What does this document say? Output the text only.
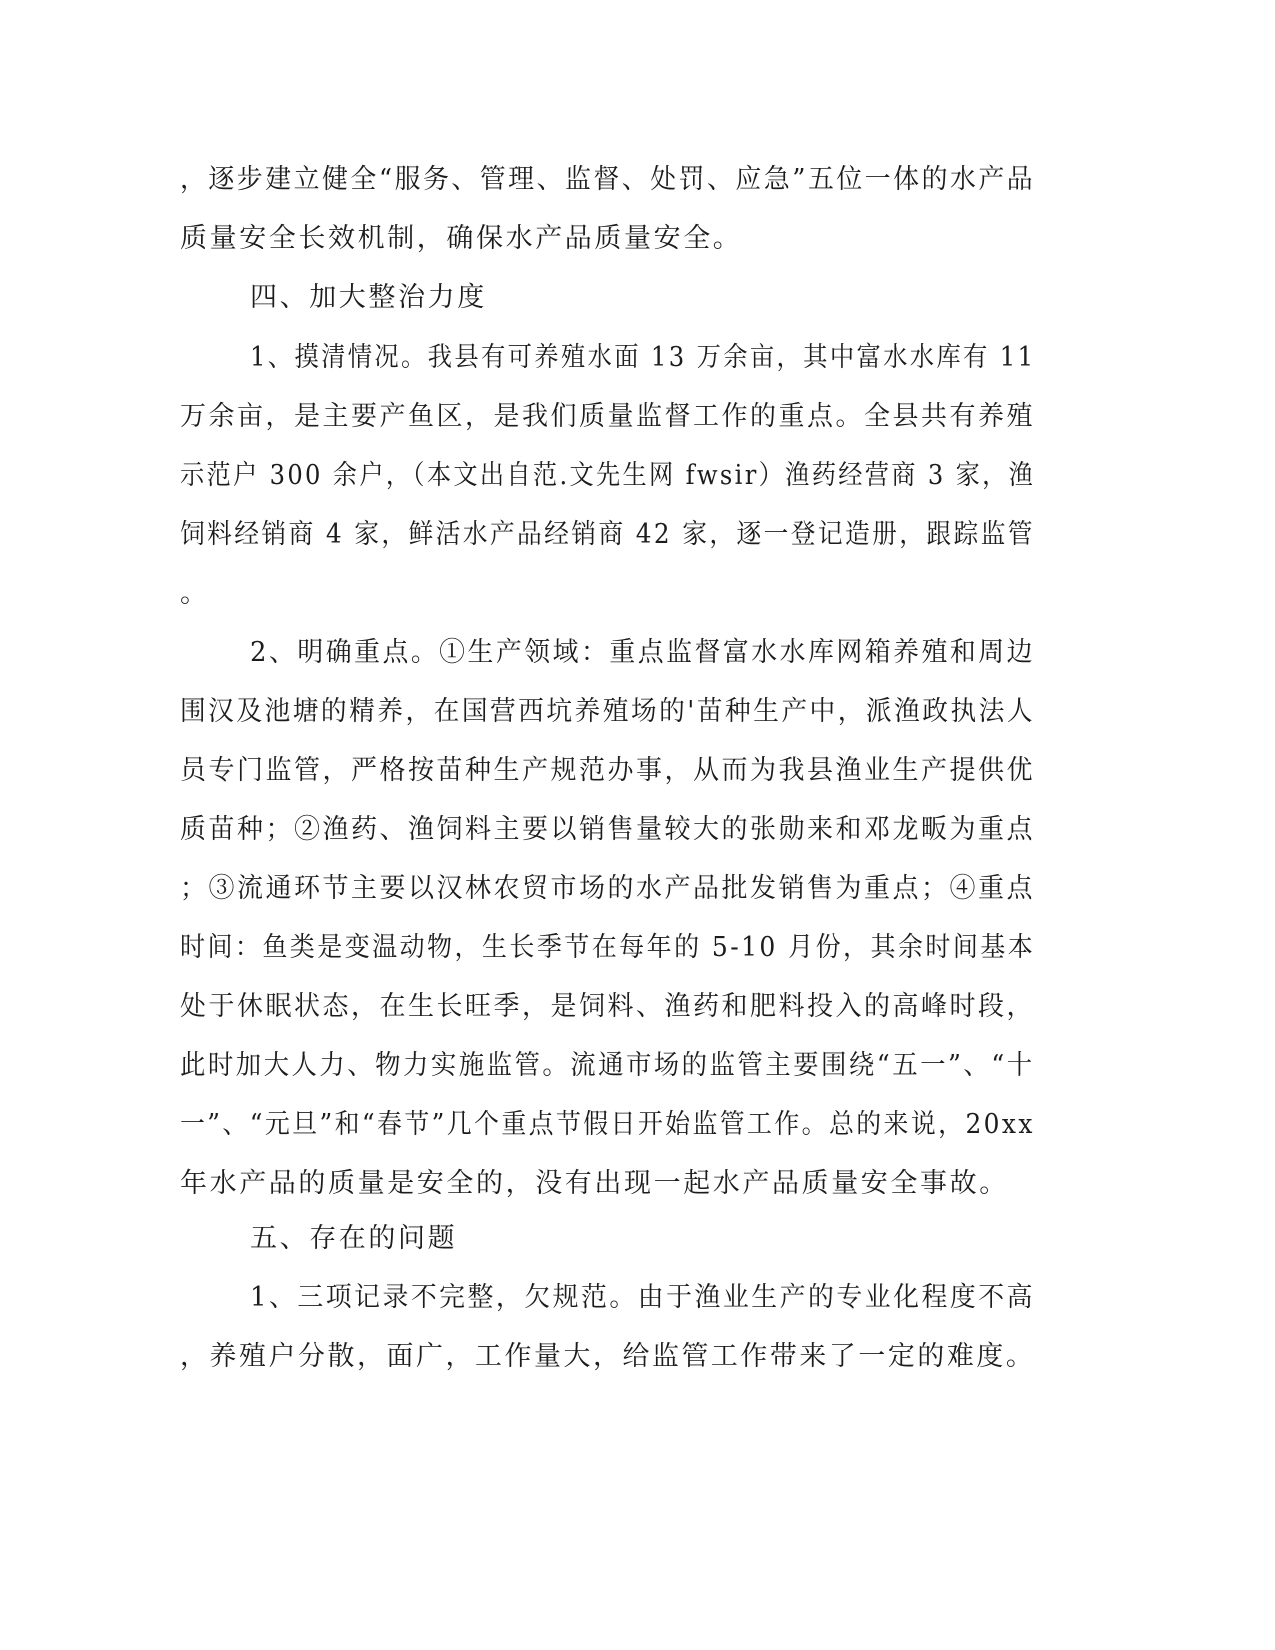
，逐步建立健全“服务、管理、监督、处罚、应急”五位一体的水产品
质量安全长效机制，确保水产品质量安全。
四、加大整治力度
1、摸清情况。我县有可养殖水面 13 万余亩，其中富水水库有 11
万余亩，是主要产鱼区，是我们质量监督工作的重点。全县共有养殖
示范户 300 余户，（本文出自范.文先生网 fwsir）渔药经营商 3 家，渔
饲料经销商 4 家，鲜活水产品经销商 42 家，逐一登记造册，跟踪监管
。
2、明确重点。①生产领域：重点监督富水水库网箱养殖和周边
围汉及池塘的精养，在国营西坑养殖场的'苗种生产中，派渔政执法人
员专门监管，严格按苗种生产规范办事，从而为我县渔业生产提供优
质苗种；②渔药、渔饲料主要以销售量较大的张勋来和邓龙畈为重点
；③流通环节主要以汉林农贸市场的水产品批发销售为重点；④重点
时间：鱼类是变温动物，生长季节在每年的 5-10 月份，其余时间基本
处于休眠状态，在生长旺季，是饲料、渔药和肥料投入的高峰时段，
此时加大人力、物力实施监管。流通市场的监管主要围绕“五一”、“十
一”、“元旦”和“春节”几个重点节假日开始监管工作。总的来说，20xx
年水产品的质量是安全的，没有出现一起水产品质量安全事故。
五、存在的问题
1、三项记录不完整，欠规范。由于渔业生产的专业化程度不高
，养殖户分散，面广，工作量大，给监管工作带来了一定的难度。
